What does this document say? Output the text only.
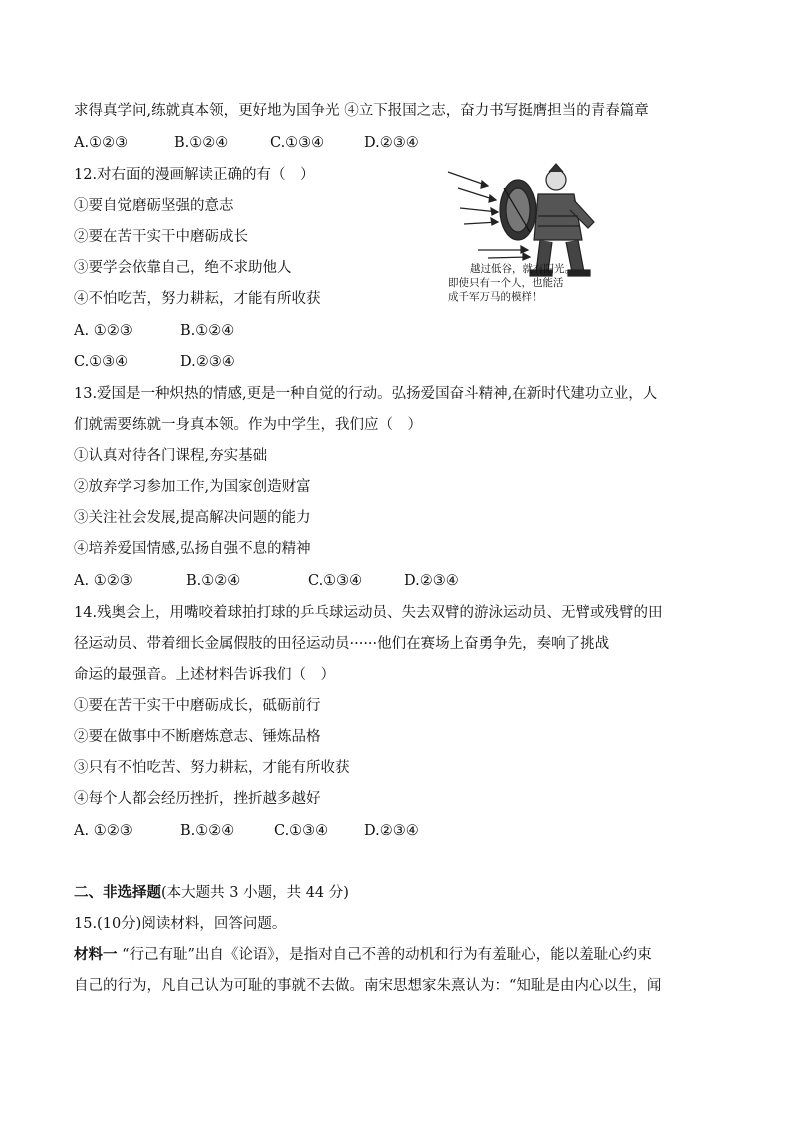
求得真学问,练就真本领，更好地为国争光 ④立下报国之志，奋力书写挺膺担当的青春篇章
A.①②③	B.①②④	C.①③④	D.②③④
12.对右面的漫画解读正确的有（　）
①要自觉磨砺坚强的意志
②要在苦干实干中磨砺成长
③要学会依靠自己，绝不求助他人
④不怕吃苦，努力耕耘，才能有所收获
A. ①②③	B.①②④
C.①③④	D.②③④
越过低谷，就有阳光。
即使只有一个人，也能活
成千军万马的模样！
13.爱国是一种炽热的情感,更是一种自觉的行动。弘扬爱国奋斗精神,在新时代建功立业，人
们就需要练就一身真本领。作为中学生，我们应（　）
①认真对待各门课程,夯实基础
②放弃学习参加工作,为国家创造财富
③关注社会发展,提高解决问题的能力
④培养爱国情感,弘扬自强不息的精神
A. ①②③	B.①②④	C.①③④	D.②③④
14.残奥会上，用嘴咬着球拍打球的乒乓球运动员、失去双臂的游泳运动员、无臂或残臂的田
径运动员、带着细长金属假肢的田径运动员······他们在赛场上奋勇争先，奏响了挑战
命运的最强音。上述材料告诉我们（　）
①要在苦干实干中磨砺成长，砥砺前行
②要在做事中不断磨炼意志、锤炼品格
③只有不怕吃苦、努力耕耘，才能有所收获
④每个人都会经历挫折，挫折越多越好
A. ①②③	B.①②④	C.①③④ D.②③④
二、非选择题(本大题共 3 小题，共 44 分)
15.(10分)阅读材料，回答问题。
材料一 “行己有耻”出自《论语》，是指对自己不善的动机和行为有羞耻心，能以羞耻心约束
自己的行为，凡自己认为可耻的事就不去做。南宋思想家朱熹认为：“知耻是由内心以生，闻
